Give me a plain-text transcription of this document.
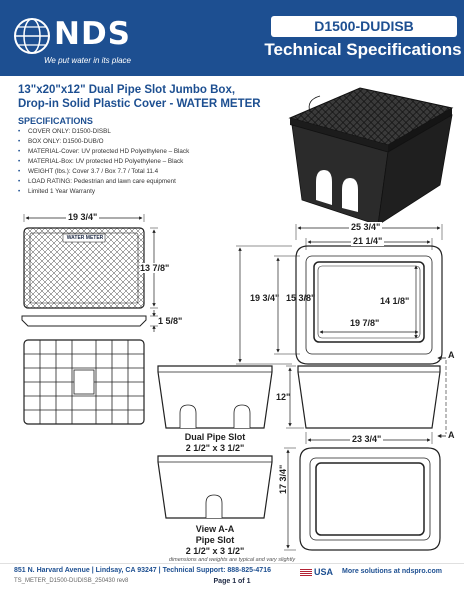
NDS
We put water in its place
D1500-DUDISB
Technical Specifications
13"x20"x12" Dual Pipe Slot Jumbo Box,
Drop-in Solid Plastic Cover - WATER METER
SPECIFICATIONS
• COVER ONLY: D1500-DISBL
• BOX ONLY: D1500-DUB/O
• MATERIAL-Cover: UV protected HD Polyethylene – Black
• MATERIAL-Box: UV protected HD Polyethylene – Black
• WEIGHT (lbs.): Cover 3.7 / Box 7.7 / Total 11.4
• LOAD RATING: Pedestrian and lawn care equipment
• Limited 1 Year Warranty
19 3/4"
13 7/8"
1 5/8"
WATER METER
25 3/4"
21 1/4"
19 3/4" 15 3/8"	14 1/8"
19 7/8"
12"
A
A
23 3/4"
17 3/4"
Dual Pipe Slot
2 1/2" x 3 1/2"
View A-A
Pipe Slot
2 1/2" x 3 1/2"
dimensions and weights are typical and vary slightly
851 N. Harvard Avenue | Lindsay, CA 93247 | Technical Support: 888-825-4716
TS_METER_D1500-DUDISB_250430 rev8	Page 1 of 1
USA More solutions at ndspro.com
